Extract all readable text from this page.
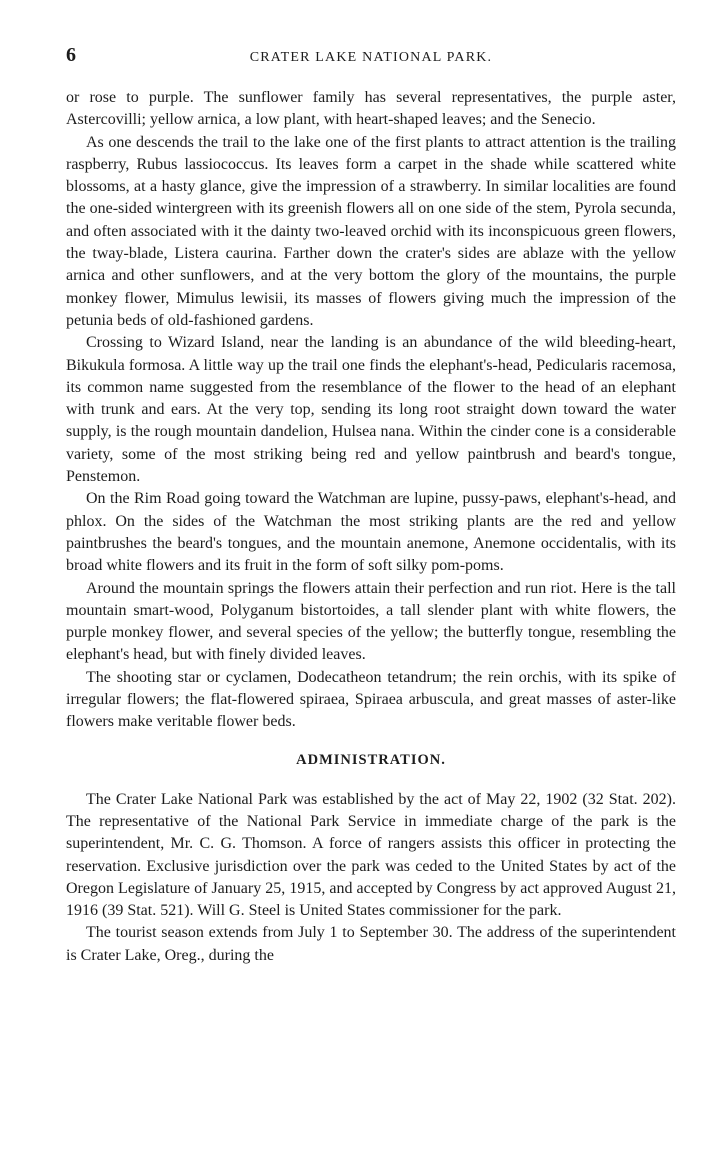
6	CRATER LAKE NATIONAL PARK.

or rose to purple. The sunflower family has several representatives, the purple aster, Astercovilli; yellow arnica, a low plant, with heart-shaped leaves; and the Senecio.

As one descends the trail to the lake one of the first plants to attract attention is the trailing raspberry, Rubus lassiococcus. Its leaves form a carpet in the shade while scattered white blossoms, at a hasty glance, give the impression of a strawberry. In similar localities are found the one-sided wintergreen with its greenish flowers all on one side of the stem, Pyrola secunda, and often associated with it the dainty two-leaved orchid with its inconspicuous green flowers, the tway-blade, Listera caurina. Farther down the crater's sides are ablaze with the yellow arnica and other sunflowers, and at the very bottom the glory of the mountains, the purple monkey flower, Mimulus lewisii, its masses of flowers giving much the impression of the petunia beds of old-fashioned gardens.

Crossing to Wizard Island, near the landing is an abundance of the wild bleeding-heart, Bikukula formosa. A little way up the trail one finds the elephant's-head, Pedicularis racemosa, its common name suggested from the resemblance of the flower to the head of an elephant with trunk and ears. At the very top, sending its long root straight down toward the water supply, is the rough mountain dandelion, Hulsea nana. Within the cinder cone is a considerable variety, some of the most striking being red and yellow paintbrush and beard's tongue, Penstemon.

On the Rim Road going toward the Watchman are lupine, pussy-paws, elephant's-head, and phlox. On the sides of the Watchman the most striking plants are the red and yellow paintbrushes the beard's tongues, and the mountain anemone, Anemone occidentalis, with its broad white flowers and its fruit in the form of soft silky pom-poms.

Around the mountain springs the flowers attain their perfection and run riot. Here is the tall mountain smart-wood, Polyganum bistortoides, a tall slender plant with white flowers, the purple monkey flower, and several species of the yellow; the butterfly tongue, resembling the elephant's head, but with finely divided leaves.

The shooting star or cyclamen, Dodecatheon tetandrum; the rein orchis, with its spike of irregular flowers; the flat-flowered spiraea, Spiraea arbuscula, and great masses of aster-like flowers make veritable flower beds.

ADMINISTRATION.

The Crater Lake National Park was established by the act of May 22, 1902 (32 Stat. 202). The representative of the National Park Service in immediate charge of the park is the superintendent, Mr. C. G. Thomson. A force of rangers assists this officer in protecting the reservation. Exclusive jurisdiction over the park was ceded to the United States by act of the Oregon Legislature of January 25, 1915, and accepted by Congress by act approved August 21, 1916 (39 Stat. 521). Will G. Steel is United States commissioner for the park.

The tourist season extends from July 1 to September 30. The address of the superintendent is Crater Lake, Oreg., during the
